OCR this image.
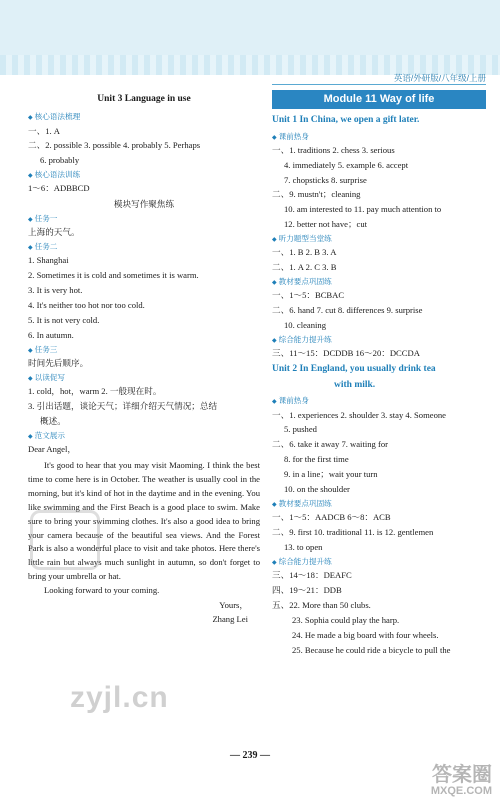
英语/外研版/八年级/上册
Unit 3 Language in use
◆ 核心语法梳理
一、1. A
二、2. possible 3. possible 4. probably 5. Perhaps
6. probably
◆ 核心语法训练
1～6：ADBBCD
模块写作聚焦练
◆ 任务一
上海的天气。
◆ 任务二
1. Shanghai
2. Sometimes it is cold and sometimes it is warm.
3. It is very hot.
4. It's neither too hot nor too cold.
5. It is not very cold.
6. In autumn.
◆ 任务三
时间先后顺序。
◆ 以读促写
1. cold，hot，warm 2. 一般现在时。
3. 引出话题，谈论天气；详细介绍天气情况；总结
概述。
◆ 范文展示
Dear Angel，
It's good to hear that you may visit Maoming. I think the best time to come here is in October. The weather is usually cool in the morning, but it's kind of hot in the daytime and in the evening. You like swimming and the First Beach is a good place to swim. Make sure to bring your swimming clothes. It's also a good idea to bring your camera because of the beautiful sea views. And the Forest Park is also a wonderful place to visit and take photos. Here there's little rain but always much sunlight in autumn, so don't forget to bring your umbrella or hat.
Looking forward to your coming.
Yours，
Zhang Lei
Module 11 Way of life
Unit 1 In China, we open a gift later.
◆ 课前热身
一、1. traditions 2. chess 3. serious
4. immediately 5. example 6. accept
7. chopsticks 8. surprise
二、9. mustn't；cleaning
10. am interested to 11. pay much attention to
12. better not have；cut
◆ 听力题型当堂练
一、1. B 2. B 3. A
二、1. A 2. C 3. B
◆ 教材要点巩固练
一、1～5：BCBAC
二、6. hand 7. cut 8. differences 9. surprise
10. cleaning
◆ 综合能力提升练
三、11～15：DCDDB 16～20：DCCDA
Unit 2 In England, you usually drink tea
with milk.
◆ 课前热身
一、1. experiences 2. shoulder 3. stay 4. Someone
5. pushed
二、6. take it away 7. waiting for
8. for the first time
9. in a line；wait your turn
10. on the shoulder
◆ 教材要点巩固练
一、1～5：AADCB 6～8：ACB
二、9. first 10. traditional 11. is 12. gentlemen
13. to open
◆ 综合能力提升练
三、14～18：DEAFC
四、19～21：DDB
五、22. More than 50 clubs.
23. Sophia could play the harp.
24. He made a big board with four wheels.
25. Because he could ride a bicycle to pull the
— 239 —
zyjl.cn
答案圈
MXQE.COM
